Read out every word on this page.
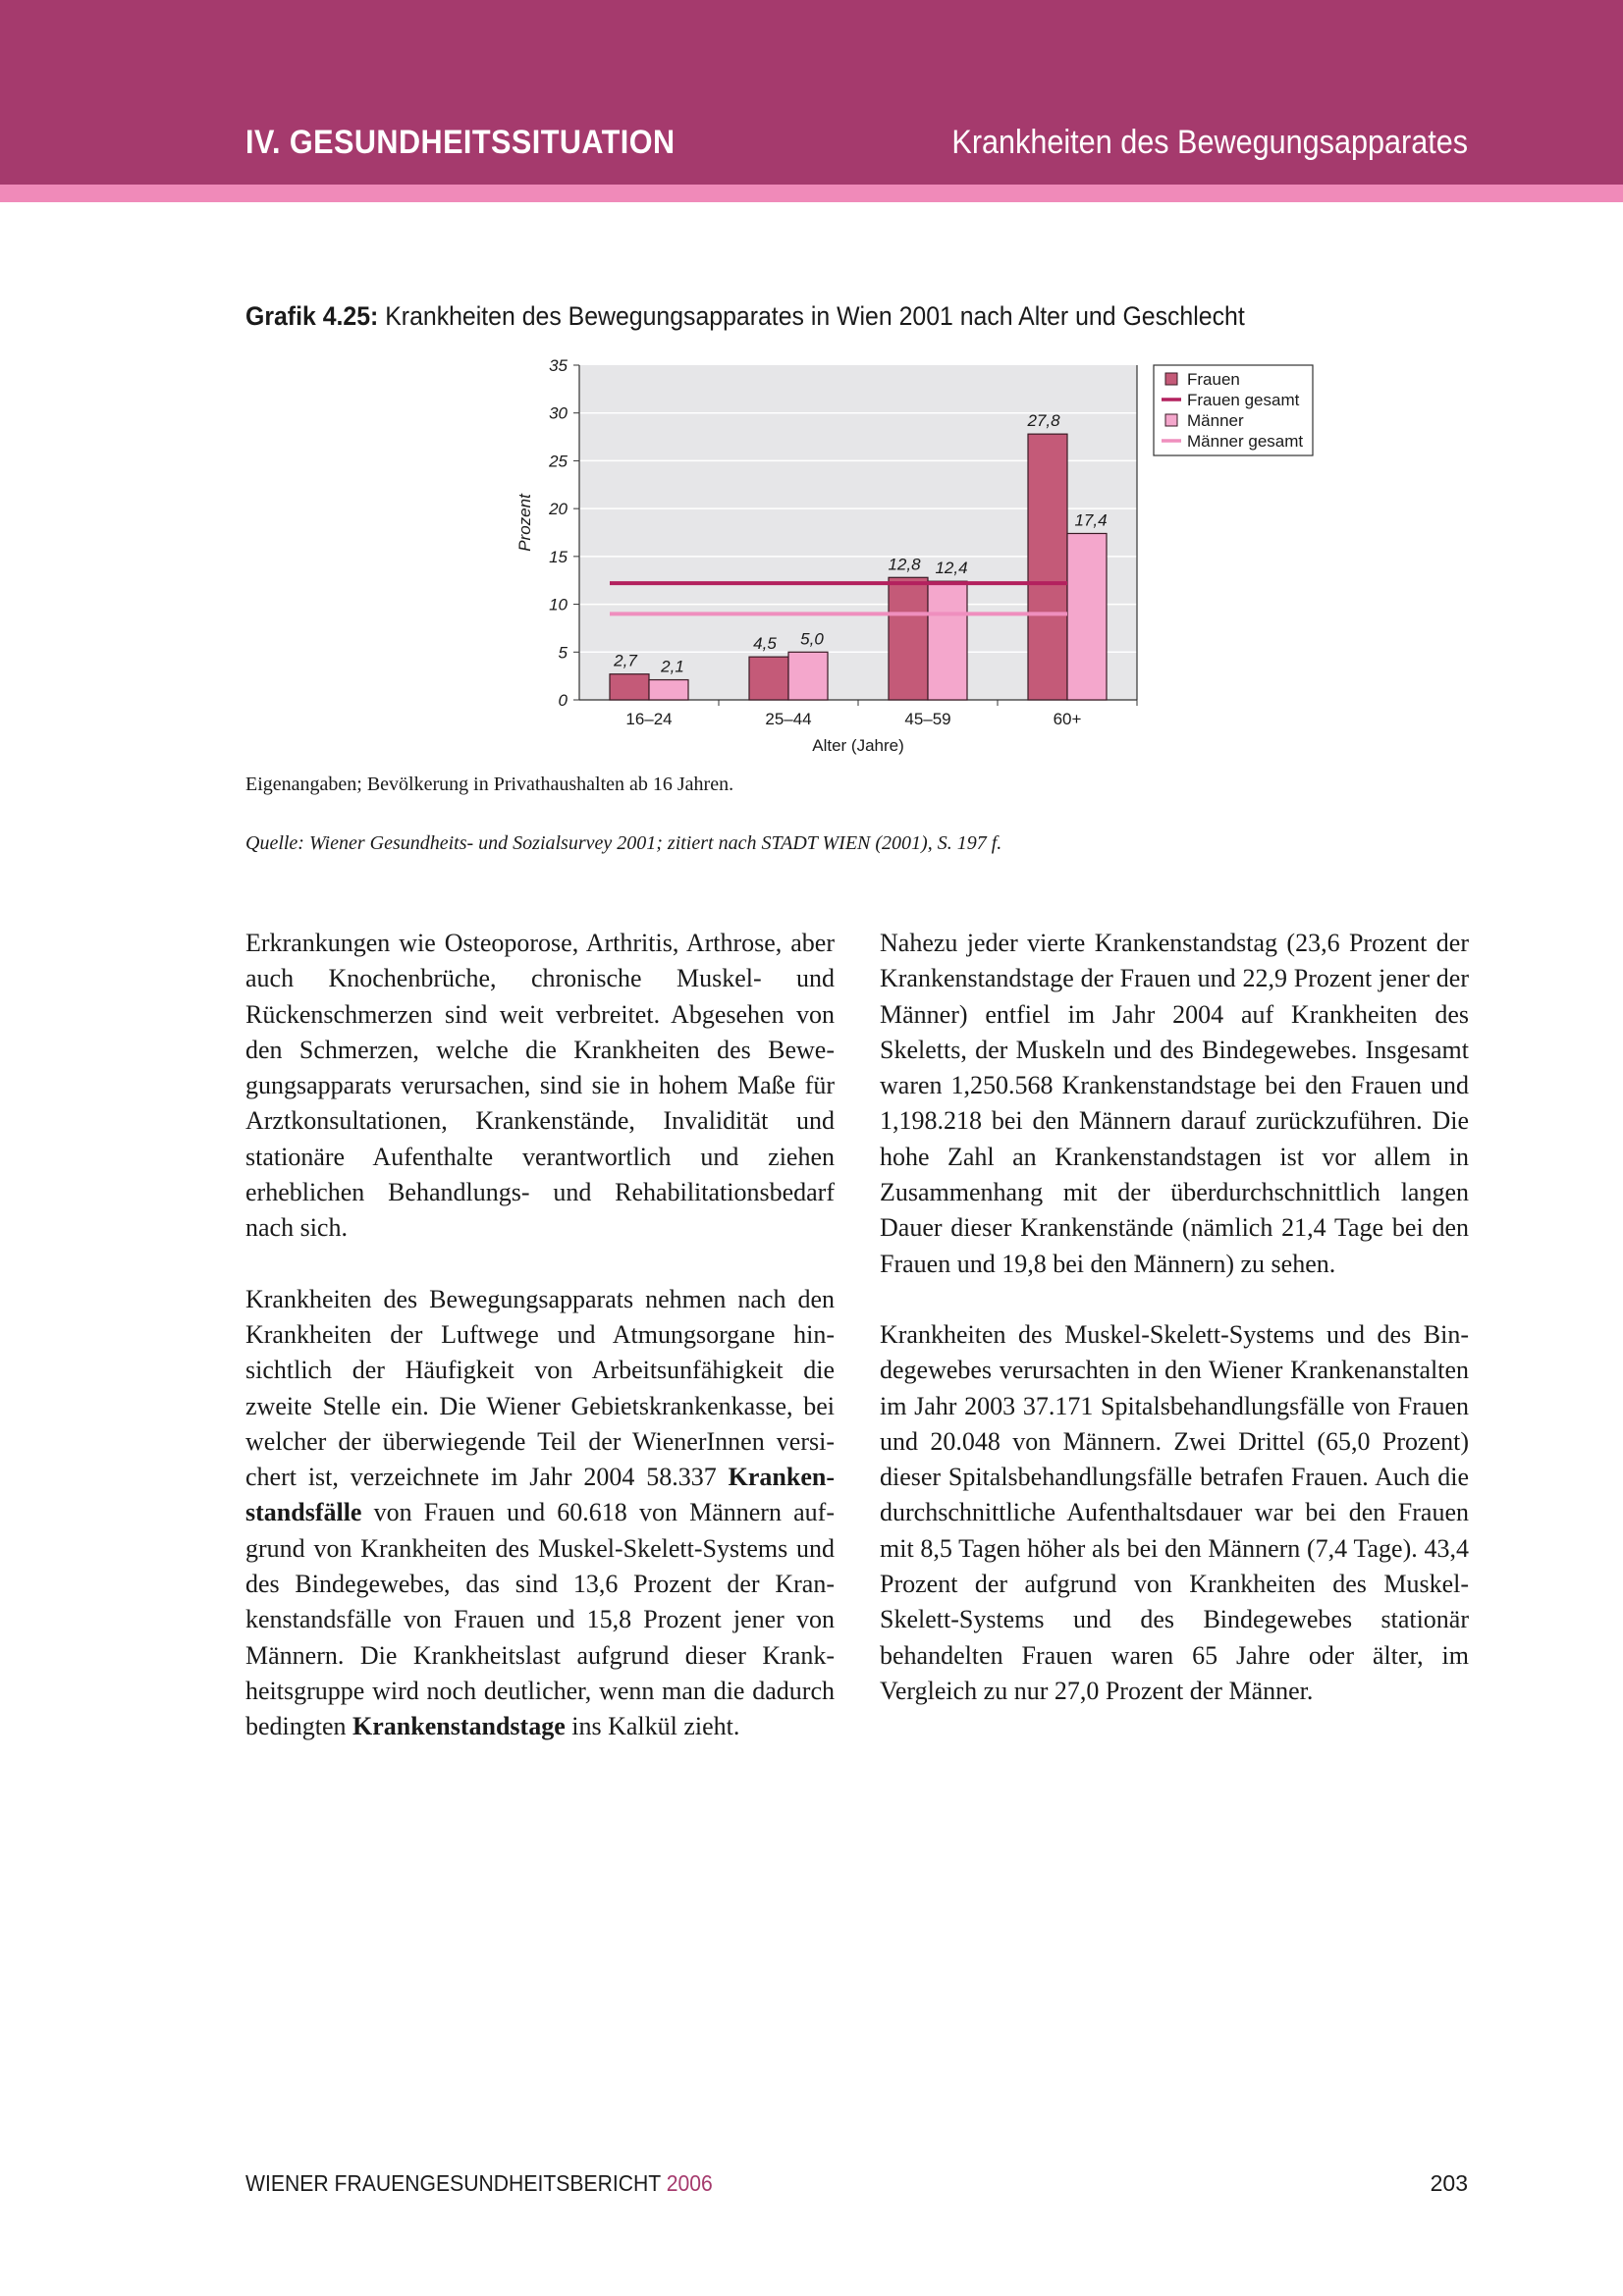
IV. GESUNDHEITSSITUATION	Krankheiten des Bewegungsapparates
Grafik 4.25: Krankheiten des Bewegungsapparates in Wien 2001 nach Alter und Geschlecht
0
5
10
15
20
25
30
35
16–24
2,7 2,1
25–44
4,5 5,0
45–59
12,8 12,4
60+
27,8
17,4
Alter (Jahre)
Prozent
Frauen
Frauen gesamt
Männer
Männer gesamt
Eigenangaben; Bevölkerung in Privathaushalten ab 16 Jahren.
Quelle: Wiener Gesundheits- und Sozialsurvey 2001; zitiert nach STADT WIEN (2001), S. 197 f.

Erkrankungen wie Osteoporose, Arthritis, Arthrose, aber auch Knochenbrüche, chronische Muskel- und Rückenschmerzen sind weit verbreitet. Abgesehen von den Schmerzen, welche die Krankheiten des Bewegungsapparats verursachen, sind sie in hohem Maße für Arztkonsultationen, Krankenstände, Invalidität und stationäre Aufenthalte verantwortlich und ziehen erheblichen Behandlungs- und Rehabilitationsbedarf nach sich.

Krankheiten des Bewegungsapparats nehmen nach den Krankheiten der Luftwege und Atmungsorgane hinsichtlich der Häufigkeit von Arbeitsunfähigkeit die zweite Stelle ein. Die Wiener Gebietskrankenkasse, bei welcher der überwiegende Teil der WienerInnen versichert ist, verzeichnete im Jahr 2004 58.337 Krankenstandsfälle von Frauen und 60.618 von Männern aufgrund von Krankheiten des Muskel-Skelett-Systems und des Bindegewebes, das sind 13,6 Prozent der Krankenstandsfälle von Frauen und 15,8 Prozent jener von Männern. Die Krankheitslast aufgrund dieser Krankheitsgruppe wird noch deutlicher, wenn man die dadurch bedingten Krankenstandstage ins Kalkül zieht.

Nahezu jeder vierte Krankenstandstag (23,6 Prozent der Krankenstandstage der Frauen und 22,9 Prozent jener der Männer) entfiel im Jahr 2004 auf Krankheiten des Skeletts, der Muskeln und des Bindegewebes. Insgesamt waren 1,250.568 Krankenstandstage bei den Frauen und 1,198.218 bei den Männern darauf zurückzuführen. Die hohe Zahl an Krankenstandstagen ist vor allem in Zusammenhang mit der überdurchschnittlich langen Dauer dieser Krankenstände (nämlich 21,4 Tage bei den Frauen und 19,8 bei den Männern) zu sehen.

Krankheiten des Muskel-Skelett-Systems und des Bindegewebes verursachten in den Wiener Krankenanstalten im Jahr 2003 37.171 Spitalsbehandlungsfälle von Frauen und 20.048 von Männern. Zwei Drittel (65,0 Prozent) dieser Spitalsbehandlungsfälle betrafen Frauen. Auch die durchschnittliche Aufenthaltsdauer war bei den Frauen mit 8,5 Tagen höher als bei den Männern (7,4 Tage). 43,4 Prozent der aufgrund von Krankheiten des Muskel-Skelett-Systems und des Bindegewebes stationär behandelten Frauen waren 65 Jahre oder älter, im Vergleich zu nur 27,0 Prozent der Männer.

WIENER FRAUENGESUNDHEITSBERICHT 2006	203
